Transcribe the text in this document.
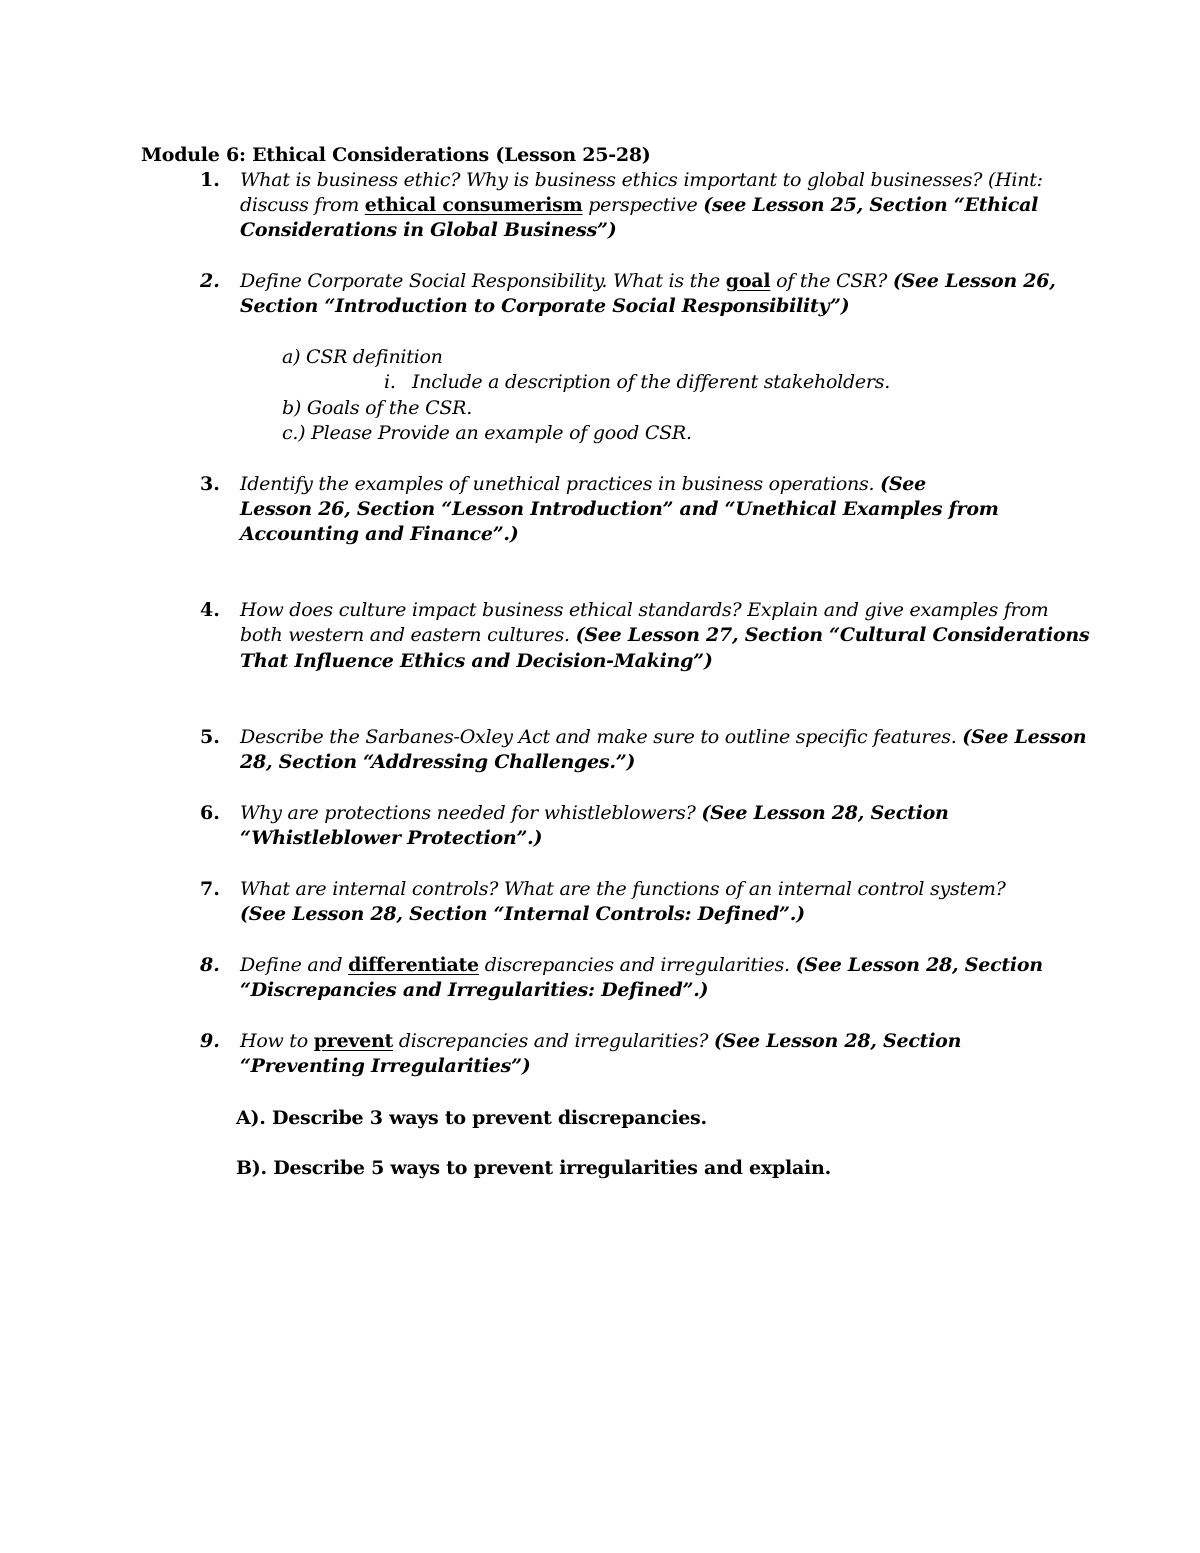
Module 6: Ethical Considerations (Lesson 25-28)
1. What is business ethic? Why is business ethics important to global businesses? (Hint:
discuss from ethical consumerism perspective (see Lesson 25, Section “Ethical
Considerations in Global Business”)
2. Define Corporate Social Responsibility. What is the goal of the CSR? (See Lesson 26,
Section “Introduction to Corporate Social Responsibility”)
a) CSR definition
i. Include a description of the different stakeholders.
b) Goals of the CSR.
c.) Please Provide an example of good CSR.
3. Identify the examples of unethical practices in business operations. (See
Lesson 26, Section “Lesson Introduction” and “Unethical Examples from
Accounting and Finance”.)
4. How does culture impact business ethical standards? Explain and give examples from
both western and eastern cultures. (See Lesson 27, Section “Cultural Considerations
That Influence Ethics and Decision-Making”)
5. Describe the Sarbanes-Oxley Act and make sure to outline specific features. (See Lesson
28, Section “Addressing Challenges.”)
6. Why are protections needed for whistleblowers? (See Lesson 28, Section
“Whistleblower Protection”.)
7. What are internal controls? What are the functions of an internal control system?
(See Lesson 28, Section “Internal Controls: Defined”.)
8. Define and differentiate discrepancies and irregularities. (See Lesson 28, Section
“Discrepancies and Irregularities: Defined”.)
9. How to prevent discrepancies and irregularities? (See Lesson 28, Section
“Preventing Irregularities”)
A). Describe 3 ways to prevent discrepancies.
B). Describe 5 ways to prevent irregularities and explain.
